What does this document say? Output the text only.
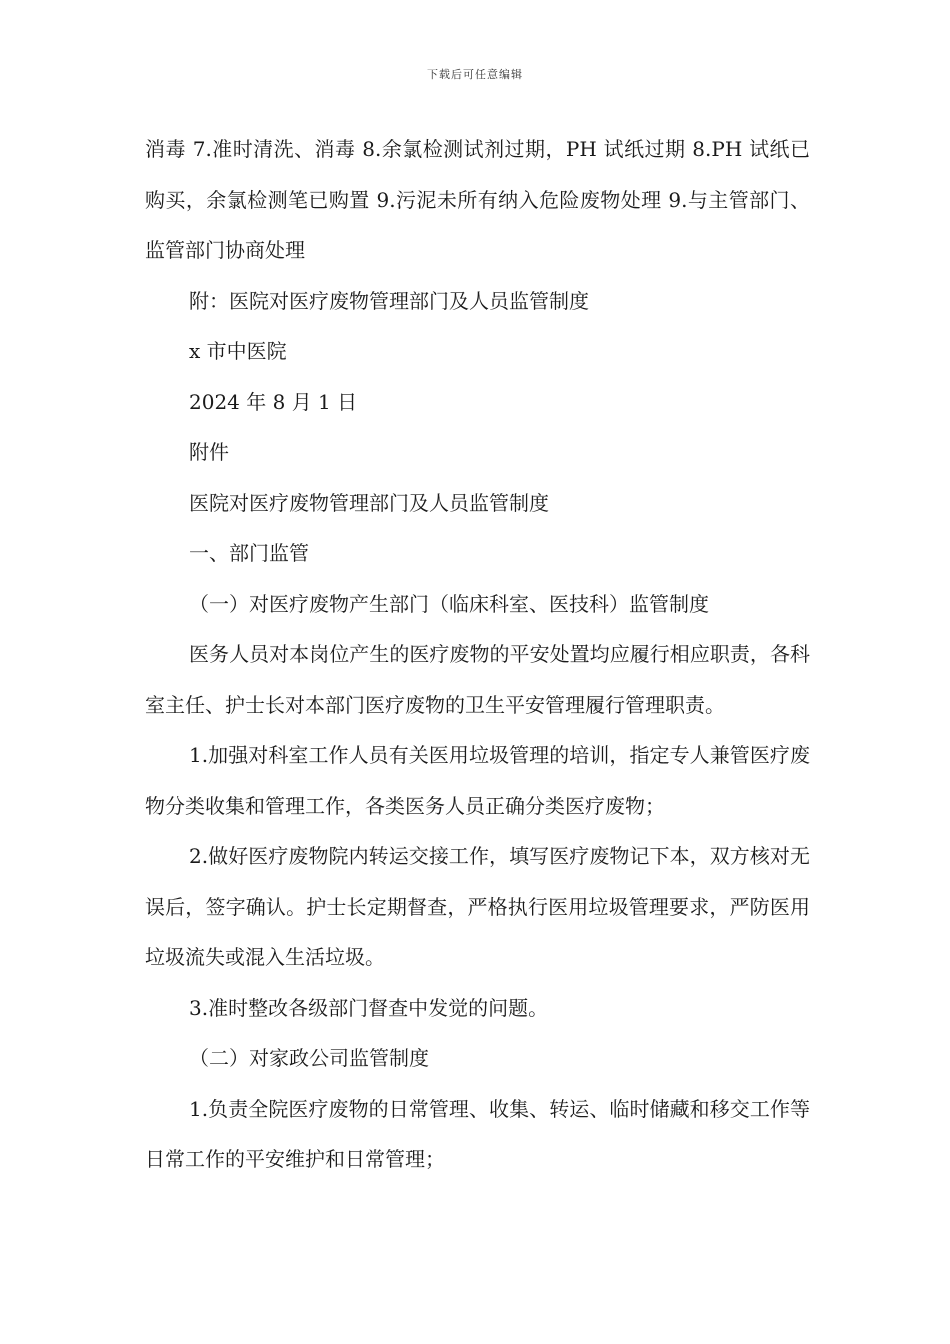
下载后可任意编辑

消毒 7.准时清洗、消毒 8.余氯检测试剂过期，PH 试纸过期 8.PH 试纸已购买，余氯检测笔已购置 9.污泥未所有纳入危险废物处理 9.与主管部门、监管部门协商处理

附：医院对医疗废物管理部门及人员监管制度

x 市中医院

2024 年 8 月 1 日

附件

医院对医疗废物管理部门及人员监管制度

一、部门监管

（一）对医疗废物产生部门（临床科室、医技科）监管制度

医务人员对本岗位产生的医疗废物的平安处置均应履行相应职责，各科室主任、护士长对本部门医疗废物的卫生平安管理履行管理职责。

1.加强对科室工作人员有关医用垃圾管理的培训，指定专人兼管医疗废物分类收集和管理工作，各类医务人员正确分类医疗废物；

2.做好医疗废物院内转运交接工作，填写医疗废物记下本，双方核对无误后，签字确认。护士长定期督查，严格执行医用垃圾管理要求，严防医用垃圾流失或混入生活垃圾。

3.准时整改各级部门督查中发觉的问题。

（二）对家政公司监管制度

1.负责全院医疗废物的日常管理、收集、转运、临时储藏和移交工作等日常工作的平安维护和日常管理；
